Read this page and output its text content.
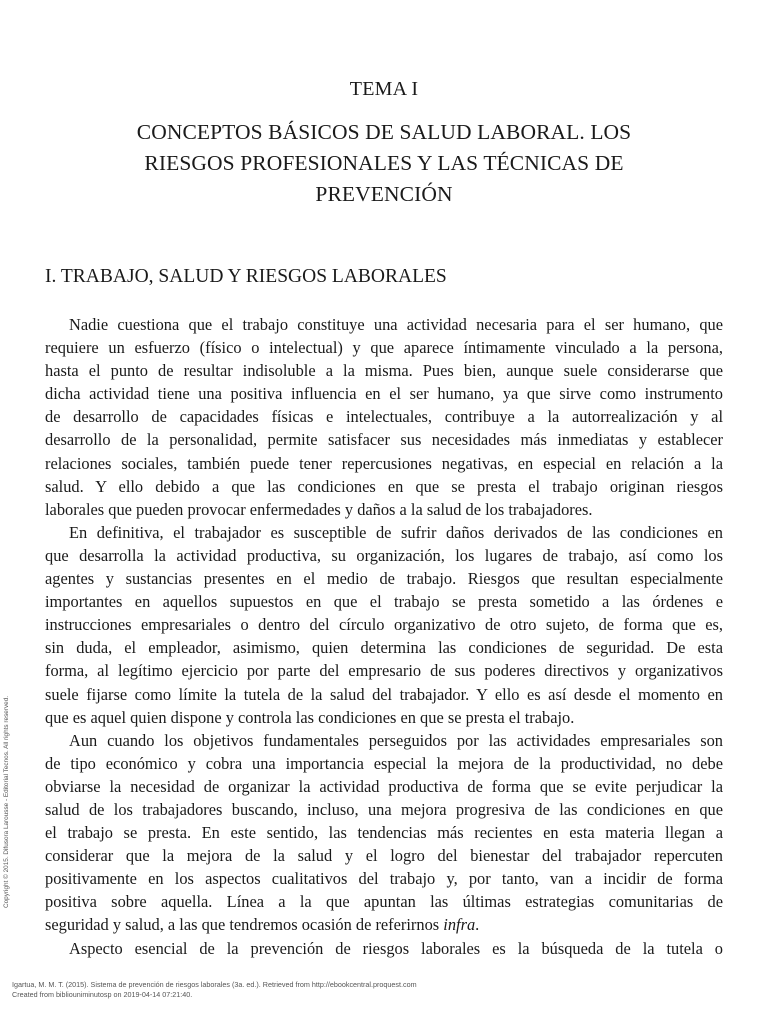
TEMA I
CONCEPTOS BÁSICOS DE SALUD LABORAL. LOS
RIESGOS PROFESIONALES Y LAS TÉCNICAS DE
PREVENCIÓN
I. TRABAJO, SALUD Y RIESGOS LABORALES
Nadie cuestiona que el trabajo constituye una actividad necesaria para el ser humano, que
requiere un esfuerzo (físico o intelectual) y que aparece íntimamente vinculado a la persona,
hasta el punto de resultar indisoluble a la misma. Pues bien, aunque suele considerarse que
dicha actividad tiene una positiva influencia en el ser humano, ya que sirve como instrumento
de desarrollo de capacidades físicas e intelectuales, contribuye a la autorrealización y al
desarrollo de la personalidad, permite satisfacer sus necesidades más inmediatas y establecer
relaciones sociales, también puede tener repercusiones negativas, en especial en relación a la
salud. Y ello debido a que las condiciones en que se presta el trabajo originan riesgos
laborales que pueden provocar enfermedades y daños a la salud de los trabajadores.
En definitiva, el trabajador es susceptible de sufrir daños derivados de las condiciones en
que desarrolla la actividad productiva, su organización, los lugares de trabajo, así como los
agentes y sustancias presentes en el medio de trabajo. Riesgos que resultan especialmente
importantes en aquellos supuestos en que el trabajo se presta sometido a las órdenes e
instrucciones empresariales o dentro del círculo organizativo de otro sujeto, de forma que es,
sin duda, el empleador, asimismo, quien determina las condiciones de seguridad. De esta
forma, al legítimo ejercicio por parte del empresario de sus poderes directivos y organizativos
suele fijarse como límite la tutela de la salud del trabajador. Y ello es así desde el momento en
que es aquel quien dispone y controla las condiciones en que se presta el trabajo.
Aun cuando los objetivos fundamentales perseguidos por las actividades empresariales son
de tipo económico y cobra una importancia especial la mejora de la productividad, no debe
obviarse la necesidad de organizar la actividad productiva de forma que se evite perjudicar la
salud de los trabajadores buscando, incluso, una mejora progresiva de las condiciones en que
el trabajo se presta. En este sentido, las tendencias más recientes en esta materia llegan a
considerar que la mejora de la salud y el logro del bienestar del trabajador repercuten
positivamente en los aspectos cualitativos del trabajo y, por tanto, van a incidir de forma
positiva sobre aquella. Línea a la que apuntan las últimas estrategias comunitarias de
seguridad y salud, a las que tendremos ocasión de referirnos infra.
Aspecto esencial de la prevención de riesgos laborales es la búsqueda de la tutela o
Copyright © 2015. Difusora Larousse - Editorial Tecnos. All rights reserved.
Igartua, M. M. T. (2015). Sistema de prevención de riesgos laborales (3a. ed.). Retrieved from http://ebookcentral.proquest.com
Created from bibliouniminutosp on 2019-04-14 07:21:40.
